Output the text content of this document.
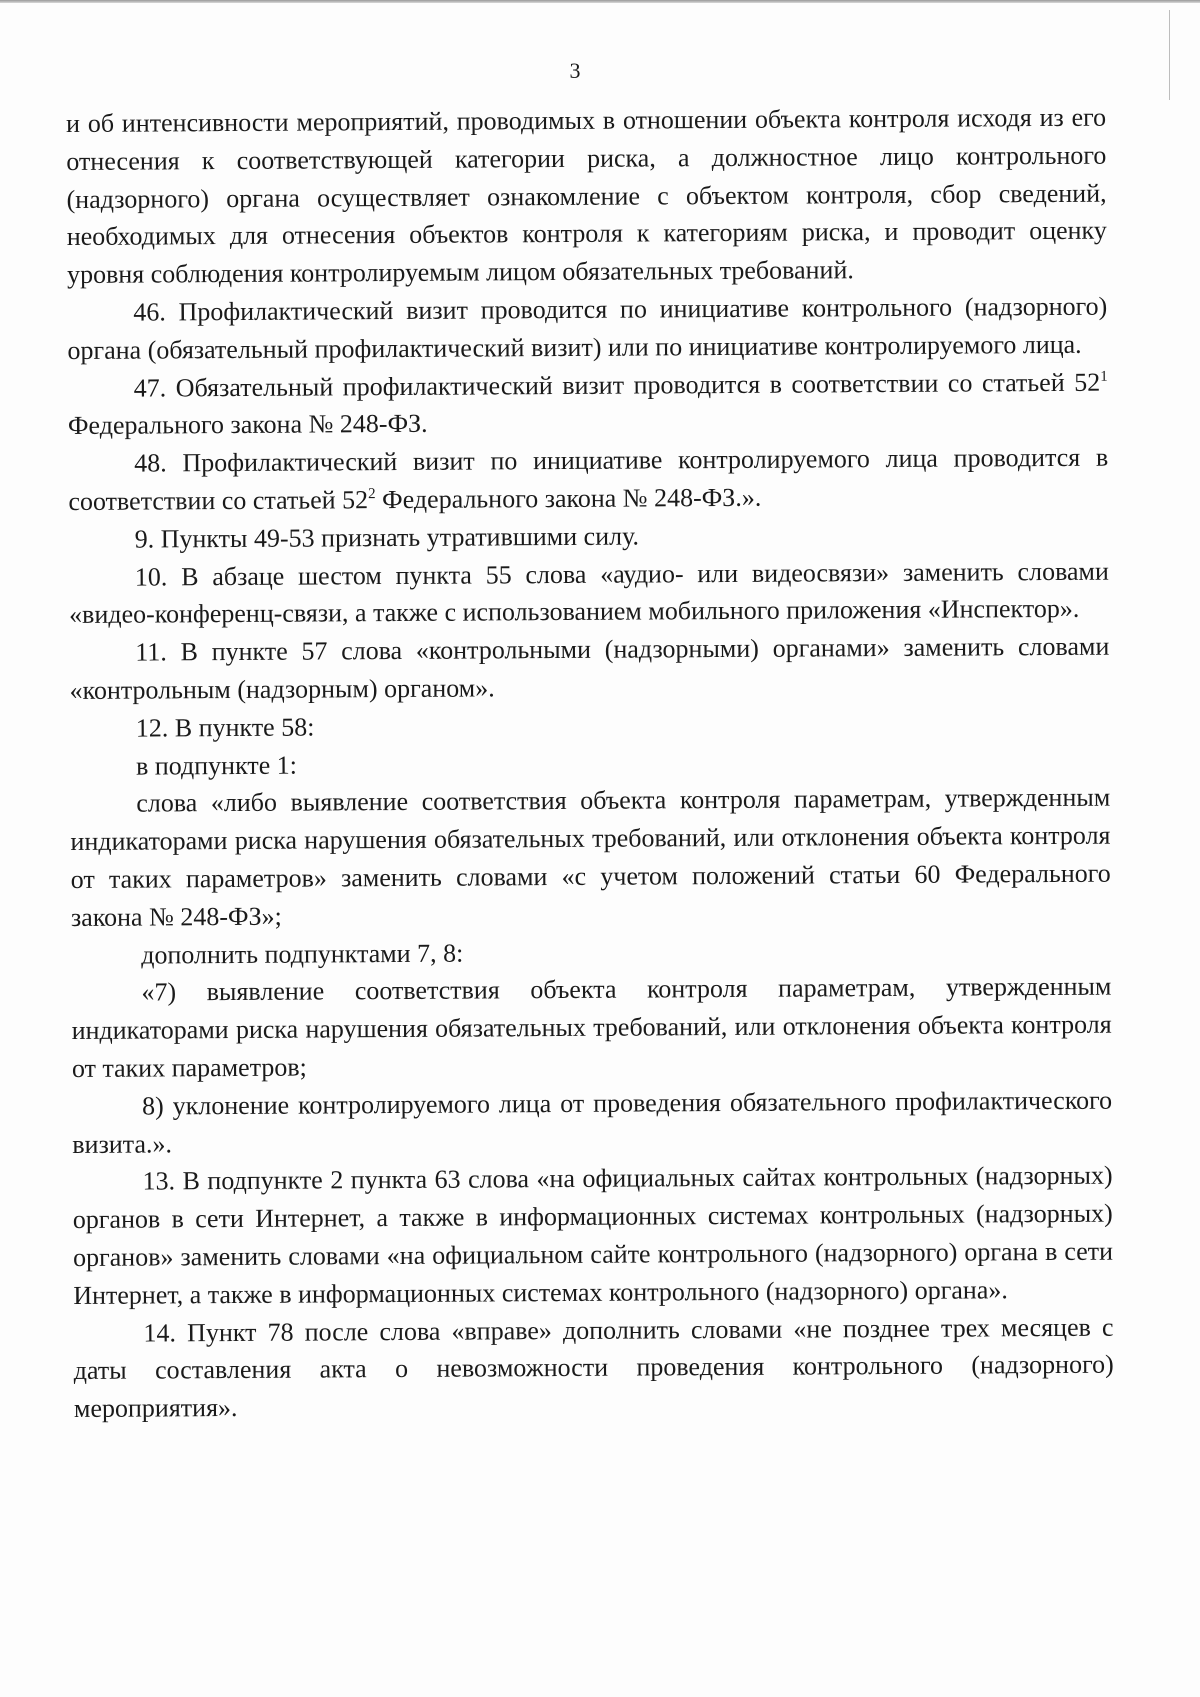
3

и об интенсивности мероприятий, проводимых в отношении объекта контроля исходя из его отнесения к соответствующей категории риска, а должностное лицо контрольного (надзорного) органа осуществляет ознакомление с объектом контроля, сбор сведений, необходимых для отнесения объектов контроля к категориям риска, и проводит оценку уровня соблюдения контролируемым лицом обязательных требований.

46. Профилактический визит проводится по инициативе контрольного (надзорного) органа (обязательный профилактический визит) или по инициативе контролируемого лица.

47. Обязательный профилактический визит проводится в соответствии со статьей $52^1$ Федерального закона № 248-ФЗ.

48. Профилактический визит по инициативе контролируемого лица проводится в соответствии со статьей $52^2$ Федерального закона № 248-ФЗ.».

9. Пункты 49-53 признать утратившими силу.

10. В абзаце шестом пункта 55 слова «аудио- или видеосвязи» заменить словами «видео-конференц-связи, а также с использованием мобильного приложения «Инспектор».

11. В пункте 57 слова «контрольными (надзорными) органами» заменить словами «контрольным (надзорным) органом».

12. В пункте 58:

в подпункте 1:

слова «либо выявление соответствия объекта контроля параметрам, утвержденным индикаторами риска нарушения обязательных требований, или отклонения объекта контроля от таких параметров» заменить словами «с учетом положений статьи 60 Федерального закона № 248-ФЗ»;

дополнить подпунктами 7, 8:

«7) выявление соответствия объекта контроля параметрам, утвержденным индикаторами риска нарушения обязательных требований, или отклонения объекта контроля от таких параметров;

8) уклонение контролируемого лица от проведения обязательного профилактического визита.».

13. В подпункте 2 пункта 63 слова «на официальных сайтах контрольных (надзорных) органов в сети Интернет, а также в информационных системах контрольных (надзорных) органов» заменить словами «на официальном сайте контрольного (надзорного) органа в сети Интернет, а также в информационных системах контрольного (надзорного) органа».

14. Пункт 78 после слова «вправе» дополнить словами «не позднее трех месяцев с даты составления акта о невозможности проведения контрольного (надзорного) мероприятия».
